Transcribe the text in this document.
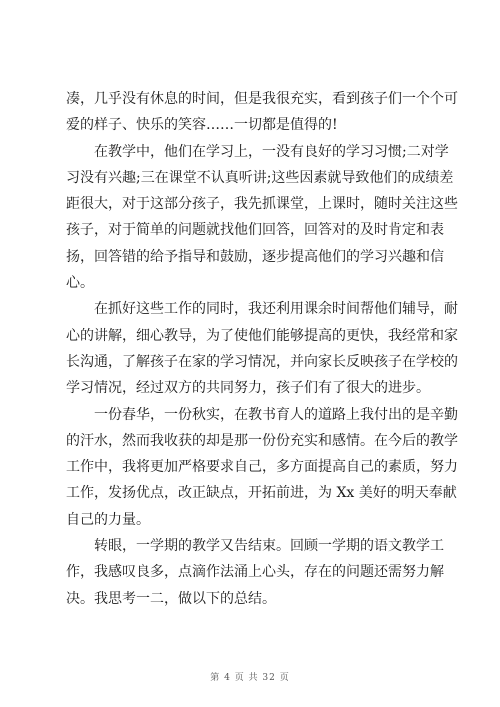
凑，几乎没有休息的时间，但是我很充实，看到孩子们一个个可
爱的样子、快乐的笑容……一切都是值得的!

在教学中，他们在学习上，一没有良好的学习习惯;二对学
习没有兴趣;三在课堂不认真听讲;这些因素就导致他们的成绩差
距很大，对于这部分孩子，我先抓课堂，上课时，随时关注这些
孩子，对于简单的问题就找他们回答，回答对的及时肯定和表
扬，回答错的给予指导和鼓励，逐步提高他们的学习兴趣和信
心。

在抓好这些工作的同时，我还利用课余时间帮他们辅导，耐
心的讲解，细心教导，为了使他们能够提高的更快，我经常和家
长沟通，了解孩子在家的学习情况，并向家长反映孩子在学校的
学习情况，经过双方的共同努力，孩子们有了很大的进步。

一份春华，一份秋实，在教书育人的道路上我付出的是辛勤
的汗水，然而我收获的却是那一份份充实和感情。在今后的教学
工作中，我将更加严格要求自己，多方面提高自己的素质，努力
工作，发扬优点，改正缺点，开拓前进，为 Xx 美好的明天奉献
自己的力量。

转眼，一学期的教学又告结束。回顾一学期的语文教学工
作，我感叹良多，点滴作法涌上心头，存在的问题还需努力解
决。我思考一二，做以下的总结。

第 4 页 共 32 页
